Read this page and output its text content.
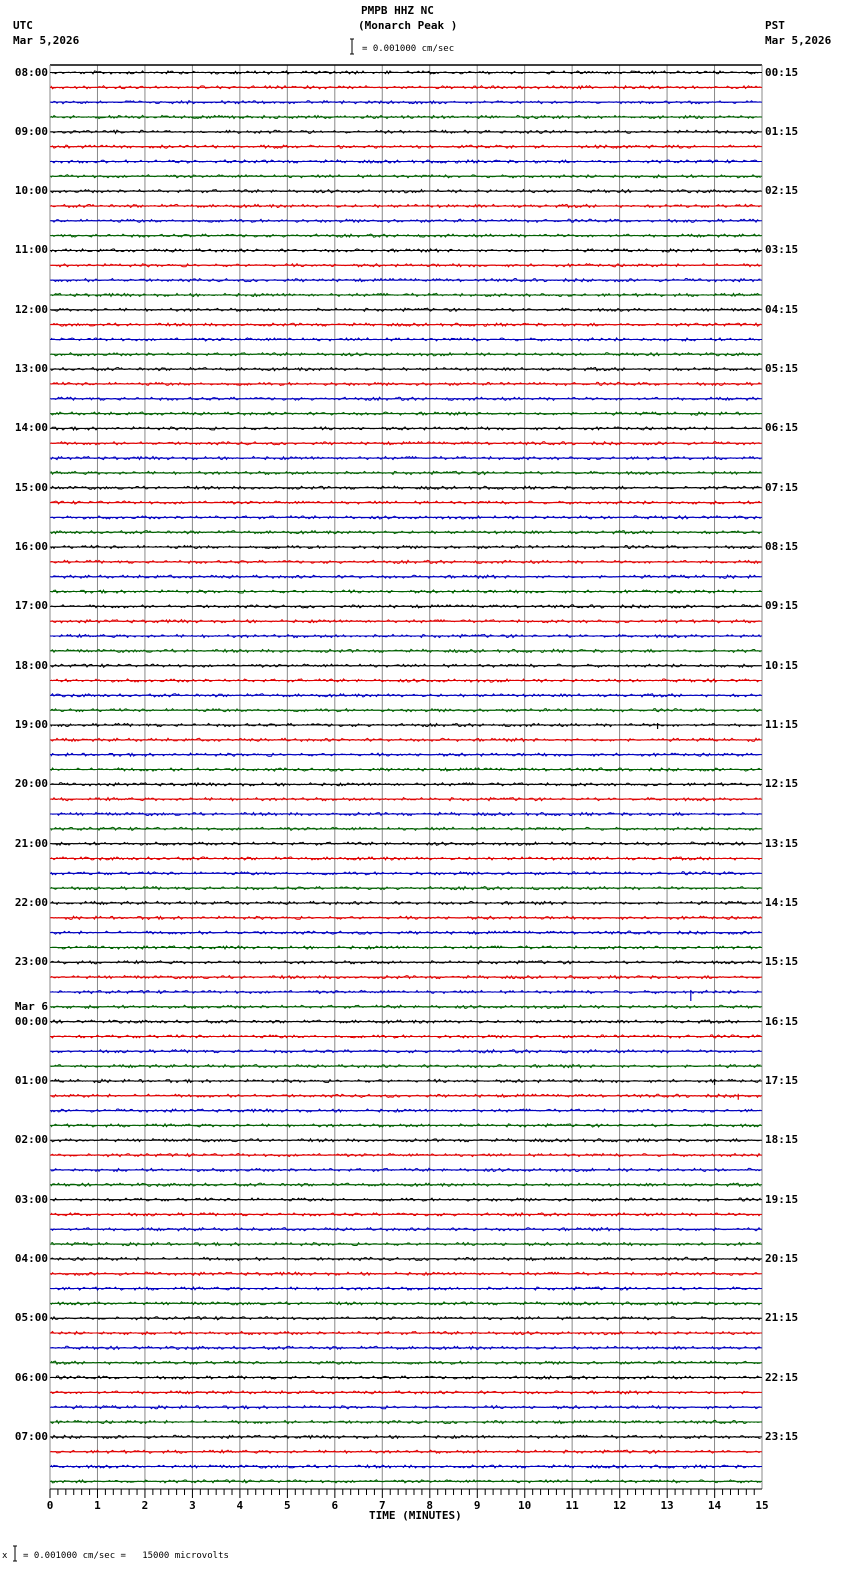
0	1	2	3	4	5	6	7	8	9	10	11	12	13	14	15
PMPB HHZ NC
(Monarch Peak )
UTC
Mar 5,2026
PST
Mar 5,2026
= 0.001000 cm/sec
x = 0.001000 cm/sec =   15000 microvolts
TIME (MINUTES)
08:00
09:00
10:00
11:00
12:00
13:00
14:00
15:00
16:00
17:00
18:00
19:00
20:00
21:00
22:00
23:00
00:00
Mar 6
01:00
02:00
03:00
04:00
05:00
06:00
07:00
00:15
01:15
02:15
03:15
04:15
05:15
06:15
07:15
08:15
09:15
10:15
11:15
12:15
13:15
14:15
15:15
16:15
17:15
18:15
19:15
20:15
21:15
22:15
23:15
